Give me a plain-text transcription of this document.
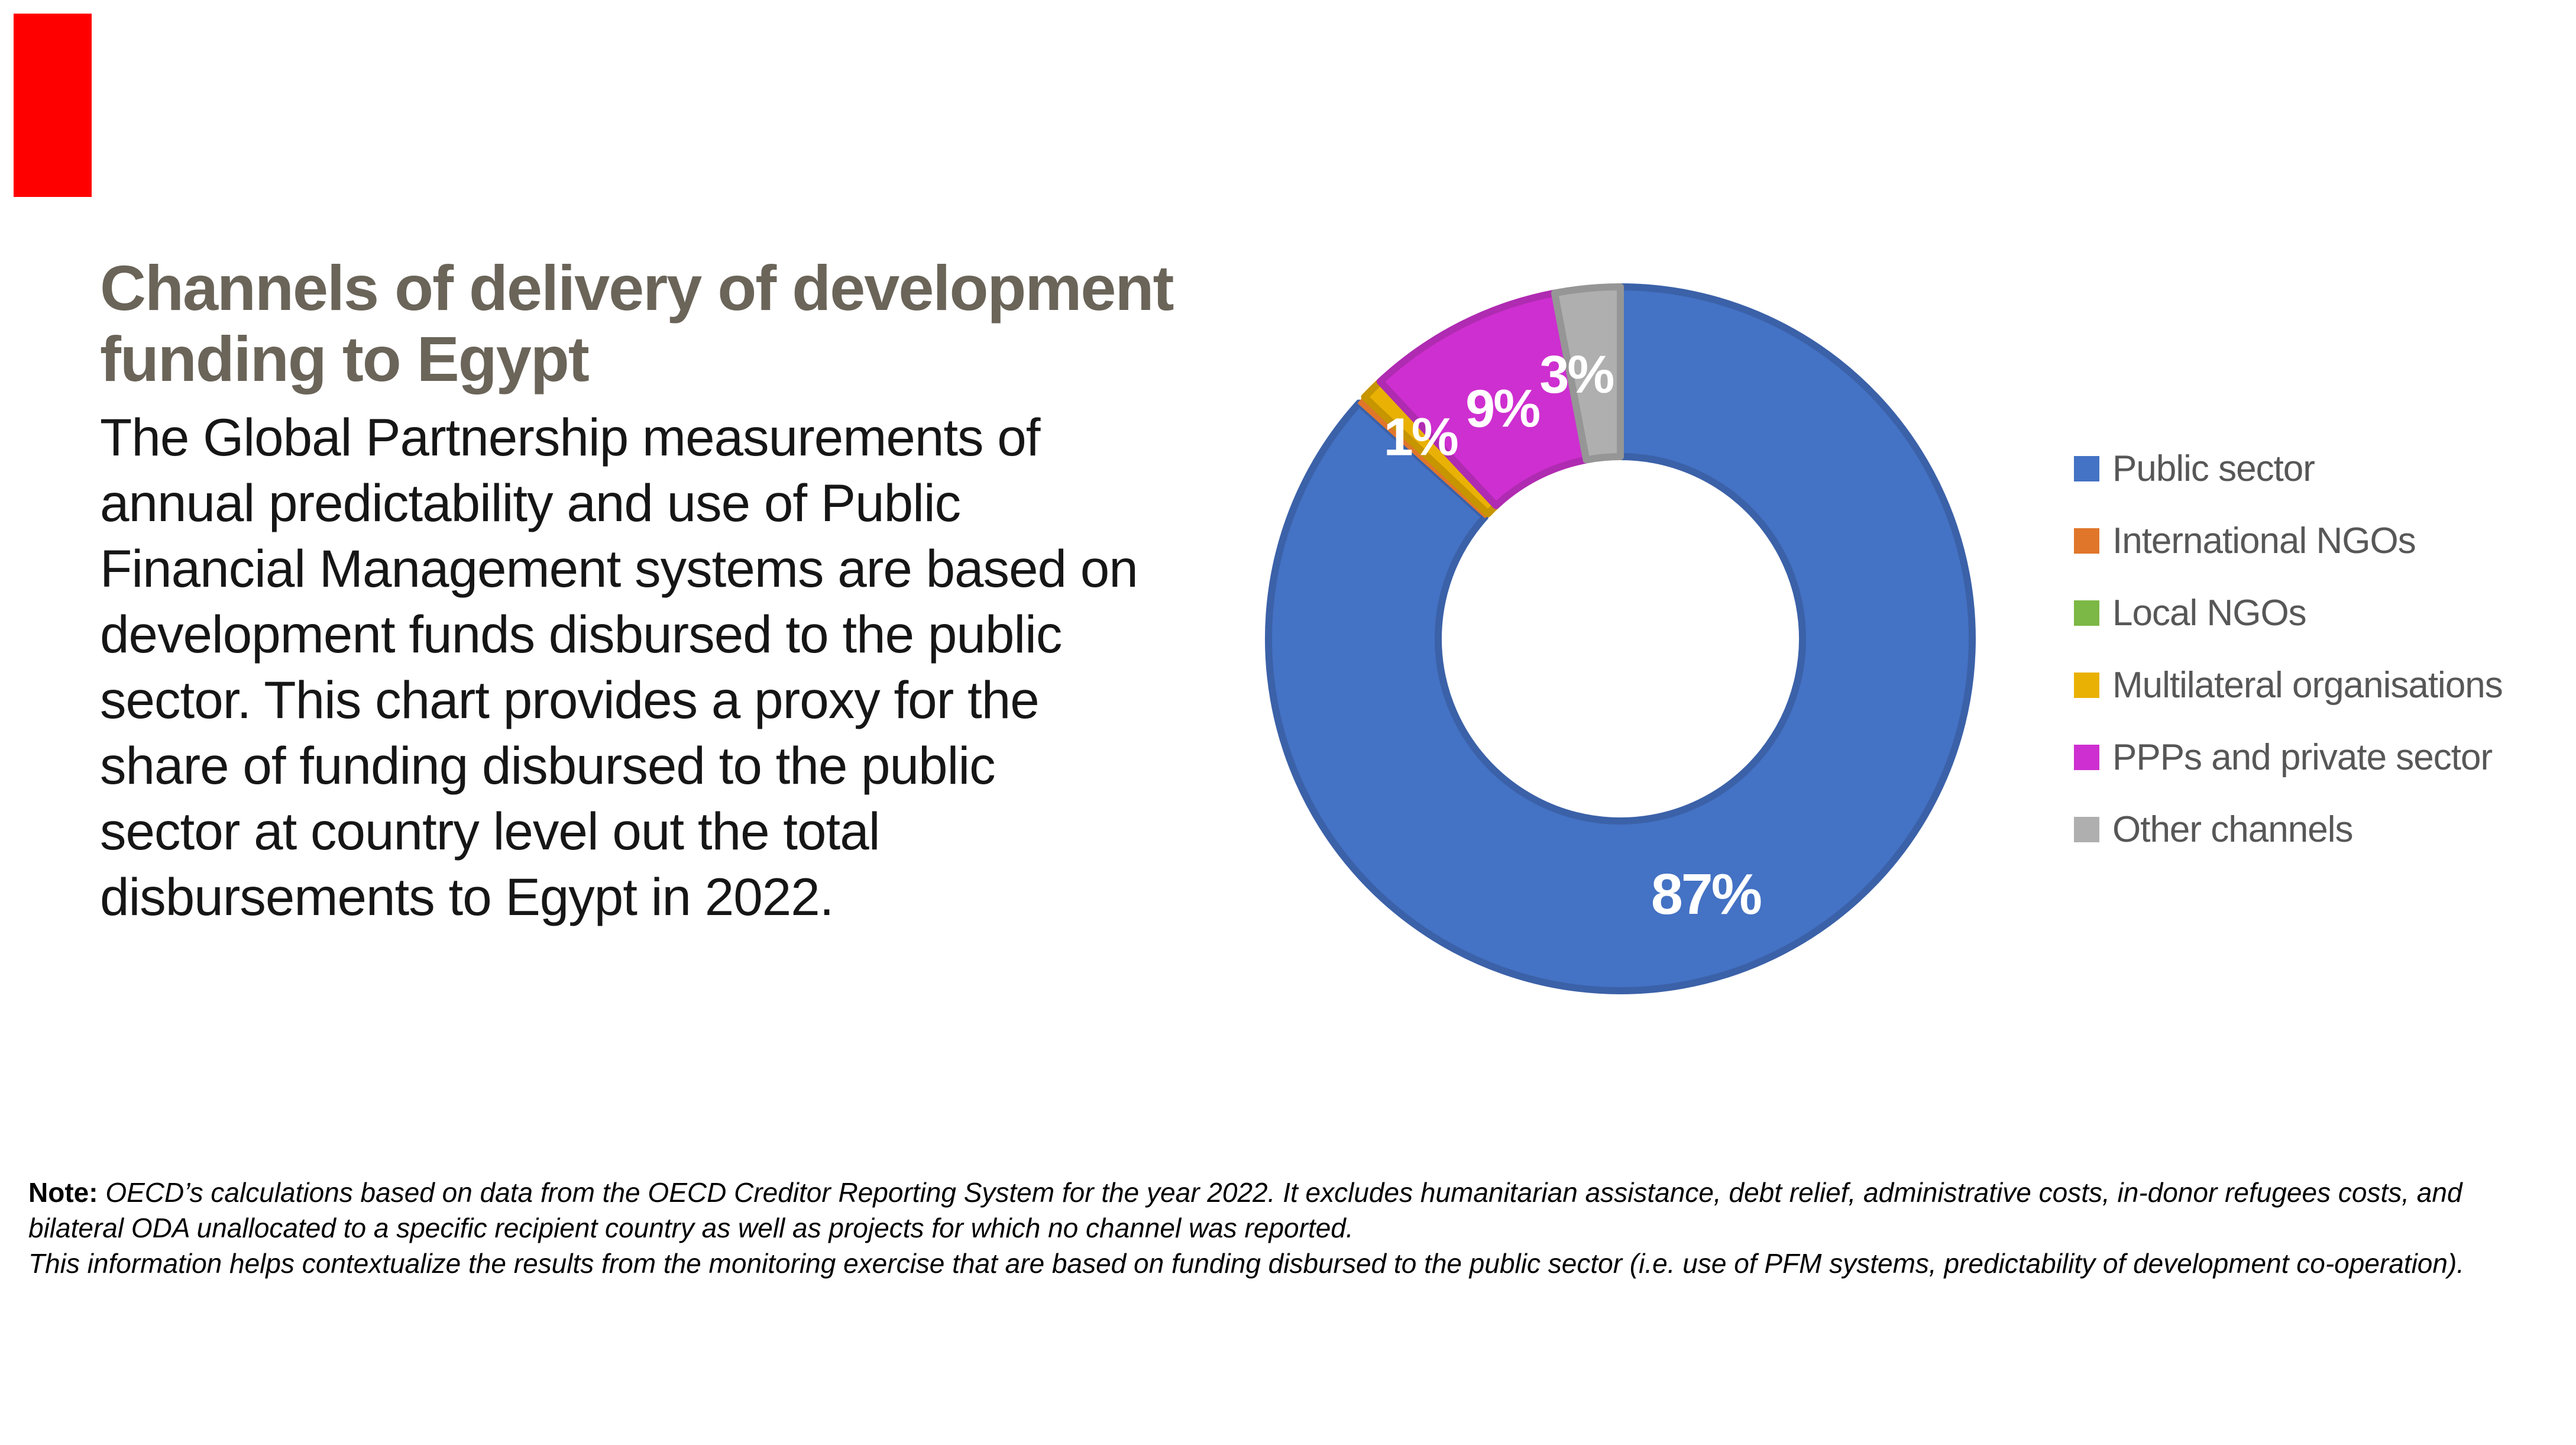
Channels of delivery of development
funding to Egypt
The Global Partnership measurements of
annual predictability and use of Public
Financial Management systems are based on
development funds disbursed to the public
sector. This chart provides a proxy for the
share of funding disbursed to the public
sector at country level out the total
disbursements to Egypt in 2022.	87%
1% 9%
3%
Public sector
International NGOs
Local NGOs
Multilateral organisations
PPPs and private sector
Other channels
Note: OECD’s calculations based on data from the OECD Creditor Reporting System for the year 2022. It excludes humanitarian assistance, debt relief, administrative costs, in-donor refugees costs, and
bilateral ODA unallocated to a specific recipient country as well as projects for which no channel was reported.
This information helps contextualize the results from the monitoring exercise that are based on funding disbursed to the public sector (i.e. use of PFM systems, predictability of development co-operation).
